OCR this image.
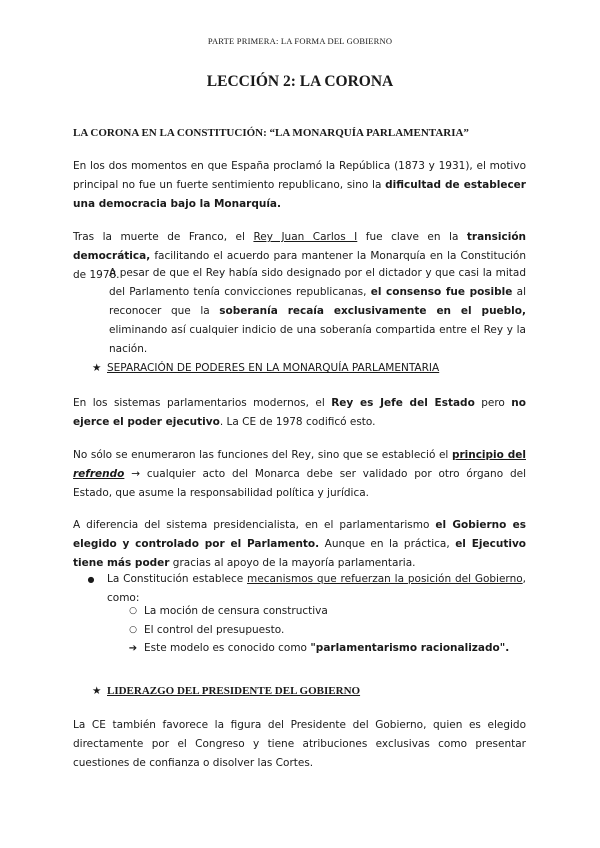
PARTE PRIMERA: LA FORMA DEL GOBIERNO
LECCIÓN 2: LA CORONA
LA CORONA EN LA CONSTITUCIÓN: “LA MONARQUÍA PARLAMENTARIA”
En los dos momentos en que España proclamó la República (1873 y 1931), el motivo principal no fue un fuerte sentimiento republicano, sino la dificultad de establecer una democracia bajo la Monarquía.
Tras la muerte de Franco, el Rey Juan Carlos I fue clave en la transición democrática, facilitando el acuerdo para mantener la Monarquía en la Constitución de 1978.
A pesar de que el Rey había sido designado por el dictador y que casi la mitad del Parlamento tenía convicciones republicanas, el consenso fue posible al reconocer que la soberanía recaía exclusivamente en el pueblo, eliminando así cualquier indicio de una soberanía compartida entre el Rey y la nación.
★ SEPARACIÓN DE PODERES EN LA MONARQUÍA PARLAMENTARIA
En los sistemas parlamentarios modernos, el Rey es Jefe del Estado pero no ejerce el poder ejecutivo. La CE de 1978 codificó esto.
No sólo se enumeraron las funciones del Rey, sino que se estableció el principio del refrendo → cualquier acto del Monarca debe ser validado por otro órgano del Estado, que asume la responsabilidad política y jurídica.
A diferencia del sistema presidencialista, en el parlamentarismo el Gobierno es elegido y controlado por el Parlamento. Aunque en la práctica, el Ejecutivo tiene más poder gracias al apoyo de la mayoría parlamentaria.
●	La Constitución establece mecanismos que refuerzan la posición del Gobierno, como:
○ La moción de censura constructiva
○ El control del presupuesto.
➔ Este modelo es conocido como "parlamentarismo racionalizado".
★ LIDERAZGO DEL PRESIDENTE DEL GOBIERNO
La CE también favorece la figura del Presidente del Gobierno, quien es elegido directamente por el Congreso y tiene atribuciones exclusivas como presentar cuestiones de confianza o disolver las Cortes.
